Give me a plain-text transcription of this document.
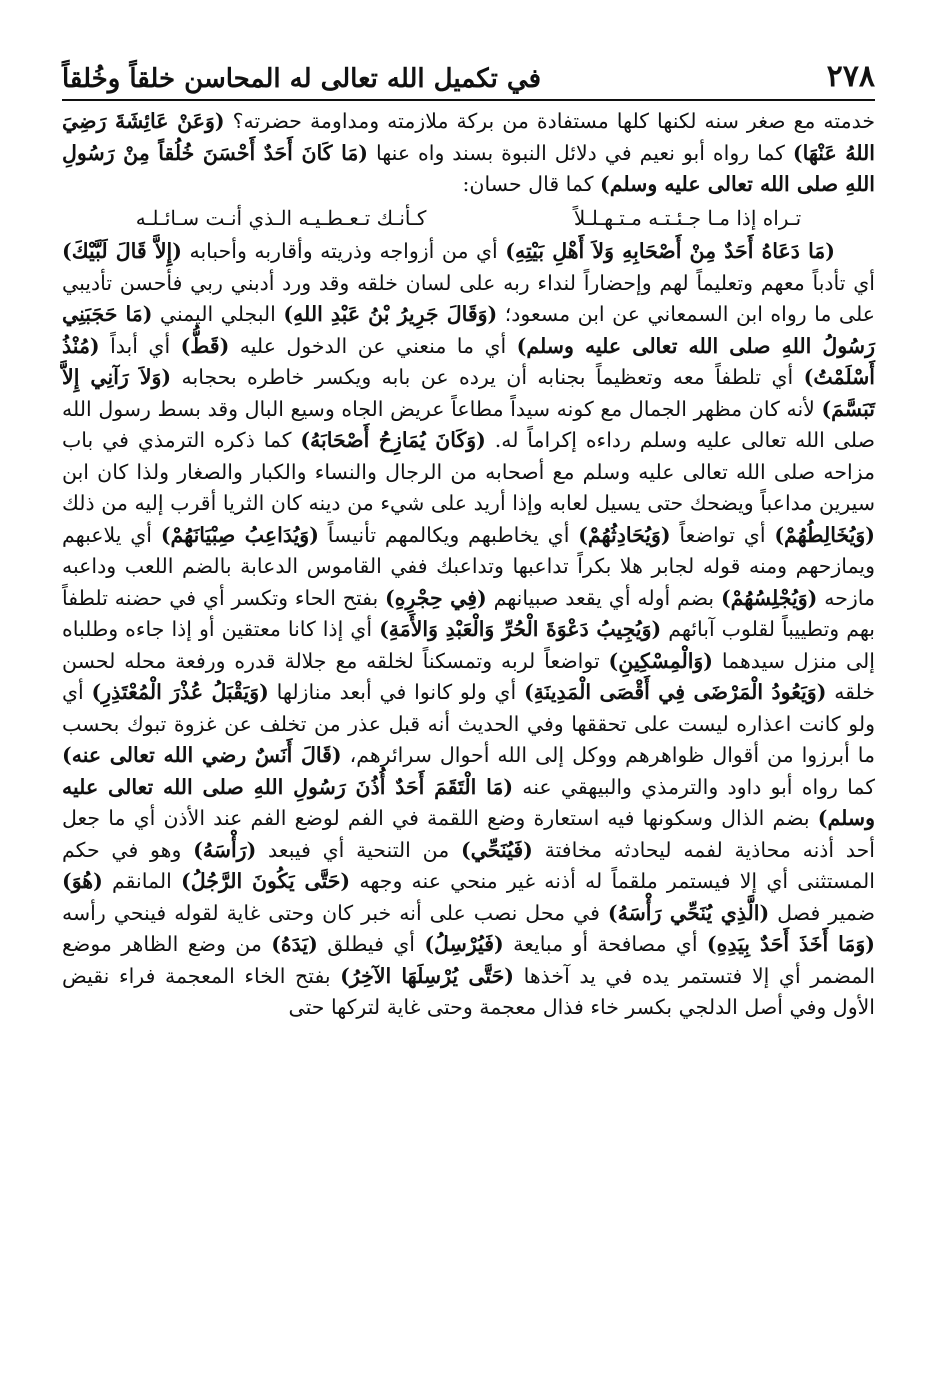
٢٧٨
في تكميل الله تعالى له المحاسن خلقاً وخُلقاً

خدمته مع صغر سنه لكنها كلها مستفادة من بركة ملازمته ومداومة حضرته؟ (وَعَنْ عَائِشَةَ رَضِيَ اللهُ عَنْهَا) كما رواه أبو نعيم في دلائل النبوة بسند واه عنها (مَا كَانَ أَحَدٌ أَحْسَنَ خُلُقاً مِنْ رَسُولِ اللهِ صلى الله تعالى عليه وسلم) كما قال حسان:

تـراه إذا مـا جـئـتـه مـتـهـلـلاً
كـأنـك تـعـطـيـه الـذي أنـت سـائـلـه

(مَا دَعَاهُ أَحَدٌ مِنْ أَصْحَابِهِ وَلاَ أَهْلِ بَيْتِهِ) أي من أزواجه وذريته وأقاربه وأحبابه (إِلاَّ قَالَ لَبَّيْكَ) أي تأدباً معهم وتعليماً لهم وإحضاراً لنداء ربه على لسان خلقه وقد ورد أدبني ربي فأحسن تأديبي على ما رواه ابن السمعاني عن ابن مسعود؛ (وَقَالَ جَرِيرُ بْنُ عَبْدِ اللهِ) البجلي اليمني (مَا حَجَبَنِي رَسُولُ اللهِ صلى الله تعالى عليه وسلم) أي ما منعني عن الدخول عليه (قَطُّ) أي أبداً (مُنْذُ أَسْلَمْتُ) أي تلطفاً معه وتعظيماً بجنابه أن يرده عن بابه ويكسر خاطره بحجابه (وَلاَ رَآنِي إِلاَّ تَبَسَّمَ) لأنه كان مظهر الجمال مع كونه سيداً مطاعاً عريض الجاه وسيع البال وقد بسط رسول الله صلى الله تعالى عليه وسلم رداءه إكراماً له. (وَكَانَ يُمَازِحُ أَصْحَابَهُ) كما ذكره الترمذي في باب مزاحه صلى الله تعالى عليه وسلم مع أصحابه من الرجال والنساء والكبار والصغار ولذا كان ابن سيرين مداعباً ويضحك حتى يسيل لعابه وإذا أريد على شيء من دينه كان الثريا أقرب إليه من ذلك (وَيُخَالِطُهُمْ) أي تواضعاً (وَيُحَادِثُهُمْ) أي يخاطبهم ويكالمهم تأنيساً (وَيُدَاعِبُ صِبْيَانَهُمْ) أي يلاعبهم ويمازحهم ومنه قوله لجابر هلا بكراً تداعبها وتداعبك ففي القاموس الدعابة بالضم اللعب وداعبه مازحه (وَيُجْلِسُهُمْ) بضم أوله أي يقعد صبيانهم (فِي حِجْرِهِ) بفتح الحاء وتكسر أي في حضنه تلطفاً بهم وتطييباً لقلوب آبائهم (وَيُجِيبُ دَعْوَةَ الْحُرِّ وَالْعَبْدِ وَالأَمَةِ) أي إذا كانا معتقين أو إذا جاءه وطلباه إلى منزل سيدهما (وَالْمِسْكِينِ) تواضعاً لربه وتمسكناً لخلقه مع جلالة قدره ورفعة محله لحسن خلقه (وَيَعُودُ الْمَرْضَى فِي أَقْصَى الْمَدِينَةِ) أي ولو كانوا في أبعد منازلها (وَيَقْبَلُ عُذْرَ الْمُعْتَذِرِ) أي ولو كانت اعذاره ليست على تحققها وفي الحديث أنه قبل عذر من تخلف عن غزوة تبوك بحسب ما أبرزوا من أقوال ظواهرهم ووكل إلى الله أحوال سرائرهم، (قَالَ أَنَسٌ رضي الله تعالى عنه) كما رواه أبو داود والترمذي والبيهقي عنه (مَا الْتَقَمَ أَحَدٌ أُذُنَ رَسُولِ اللهِ صلى الله تعالى عليه وسلم) بضم الذال وسكونها فيه استعارة وضع اللقمة في الفم لوضع الفم عند الأذن أي ما جعل أحد أذنه محاذية لفمه ليحادثه مخافتة (فَيُنَحِّي) من التنحية أي فيبعد (رَأْسَهُ) وهو في حكم المستثنى أي إلا فيستمر ملقماً له أذنه غير منحي عنه وجهه (حَتَّى يَكُونَ الرَّجُلُ) المانقم (هُوَ) ضمير فصل (الَّذِي يُنَحِّي رَأْسَهُ) في محل نصب على أنه خبر كان وحتى غاية لقوله فينحي رأسه (وَمَا أَخَذَ أَحَدٌ بِيَدِهِ) أي مصافحة أو مبايعة (فَيُرْسِلُ) أي فيطلق (يَدَهُ) من وضع الظاهر موضع المضمر أي إلا فتستمر يده في يد آخذها (حَتَّى يُرْسِلَهَا الآخِرُ) بفتح الخاء المعجمة فراء نقيض الأول وفي أصل الدلجي بكسر خاء فذال معجمة وحتى غاية لتركها حتى
